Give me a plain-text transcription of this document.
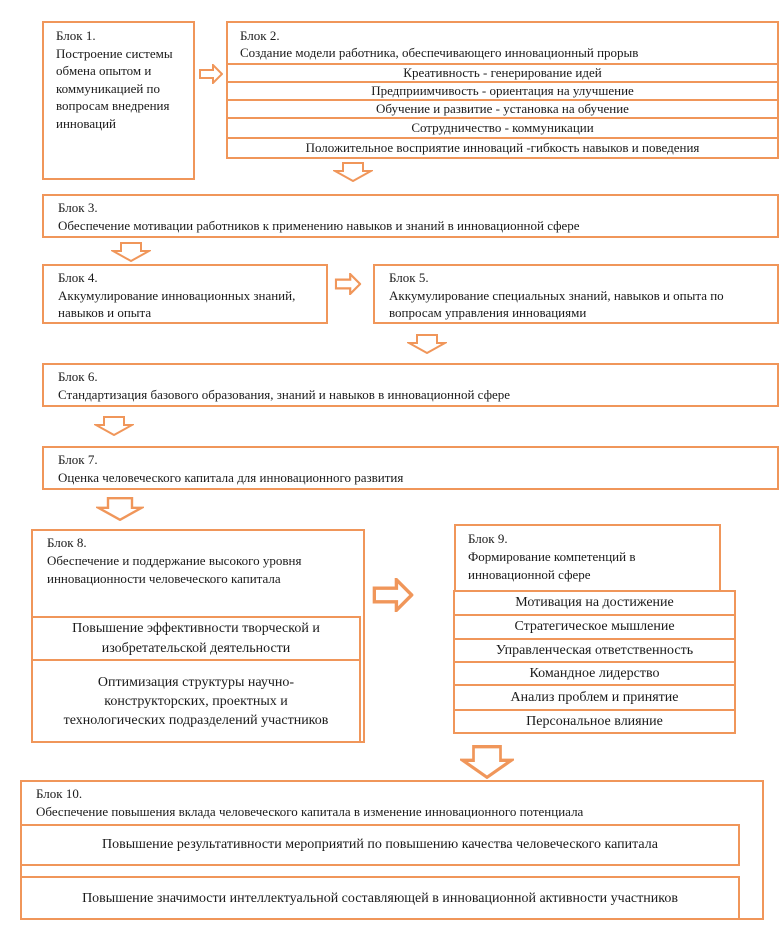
Блок 1.
Построение системы обмена опытом и коммуникацией по вопросам внедрения инноваций
Блок 2.
Создание модели работника, обеспечивающего инновационный прорыв
Креативность - генерирование идей
Предприимчивость - ориентация на улучшение
Обучение и развитие - установка на обучение
Сотрудничество - коммуникации
Положительное восприятие инноваций -гибкость навыков и поведения
Блок 3.
Обеспечение мотивации работников к применению навыков и знаний в инновационной сфере
Блок 4.
Аккумулирование инновационных знаний, навыков и опыта
Блок 5.
Аккумулирование специальных знаний, навыков и опыта по вопросам управления инновациями
Блок 6.
Стандартизация базового образования, знаний и навыков в инновационной сфере
Блок 7.
Оценка человеческого капитала для инновационного развития
Блок 8.
Обеспечение и поддержание высокого уровня инновационности человеческого капитала
Повышение эффективности творческой и изобретательской деятельности
Оптимизация структуры научно-конструкторских, проектных и технологических подразделений участников
Блок 9.
Формирование компетенций в инновационной сфере
Мотивация на достижение
Стратегическое мышление
Управленческая ответственность
Командное лидерство
Анализ проблем и принятие
Персональное влияние
Блок 10.
Обеспечение повышения вклада человеческого капитала в изменение инновационного потенциала
Повышение результативности мероприятий по повышению качества человеческого капитала
Повышение значимости интеллектуальной составляющей в инновационной активности участников
